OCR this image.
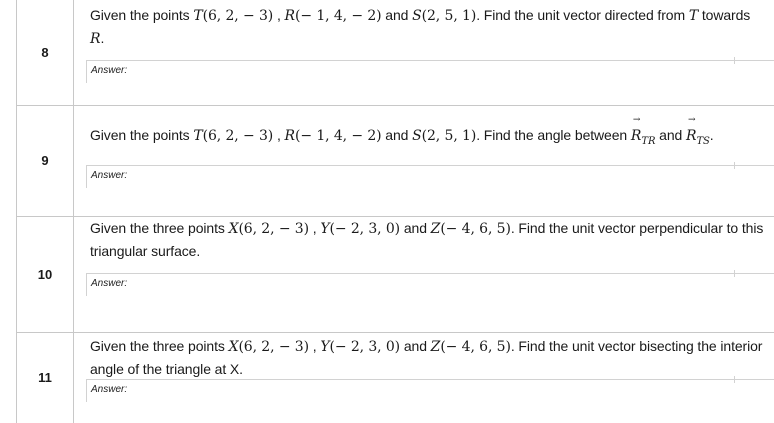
8
Given the points T(6, 2, − 3) , R(− 1, 4, − 2) and S(2, 5, 1). Find the unit vector directed from T towards R.
Answer:
9
Given the points T(6, 2, − 3) , R(− 1, 4, − 2) and S(2, 5, 1). Find the angle between → $R_{TR}$ and → $R_{TS}$.
Answer:
10
Given the three points X(6, 2, − 3) , Y(− 2, 3, 0) and Z(− 4, 6, 5). Find the unit vector perpendicular to this triangular surface.
Answer:
11
Given the three points X(6, 2, − 3) , Y(− 2, 3, 0) and Z(− 4, 6, 5). Find the unit vector bisecting the interior angle of the triangle at X.
Answer:
